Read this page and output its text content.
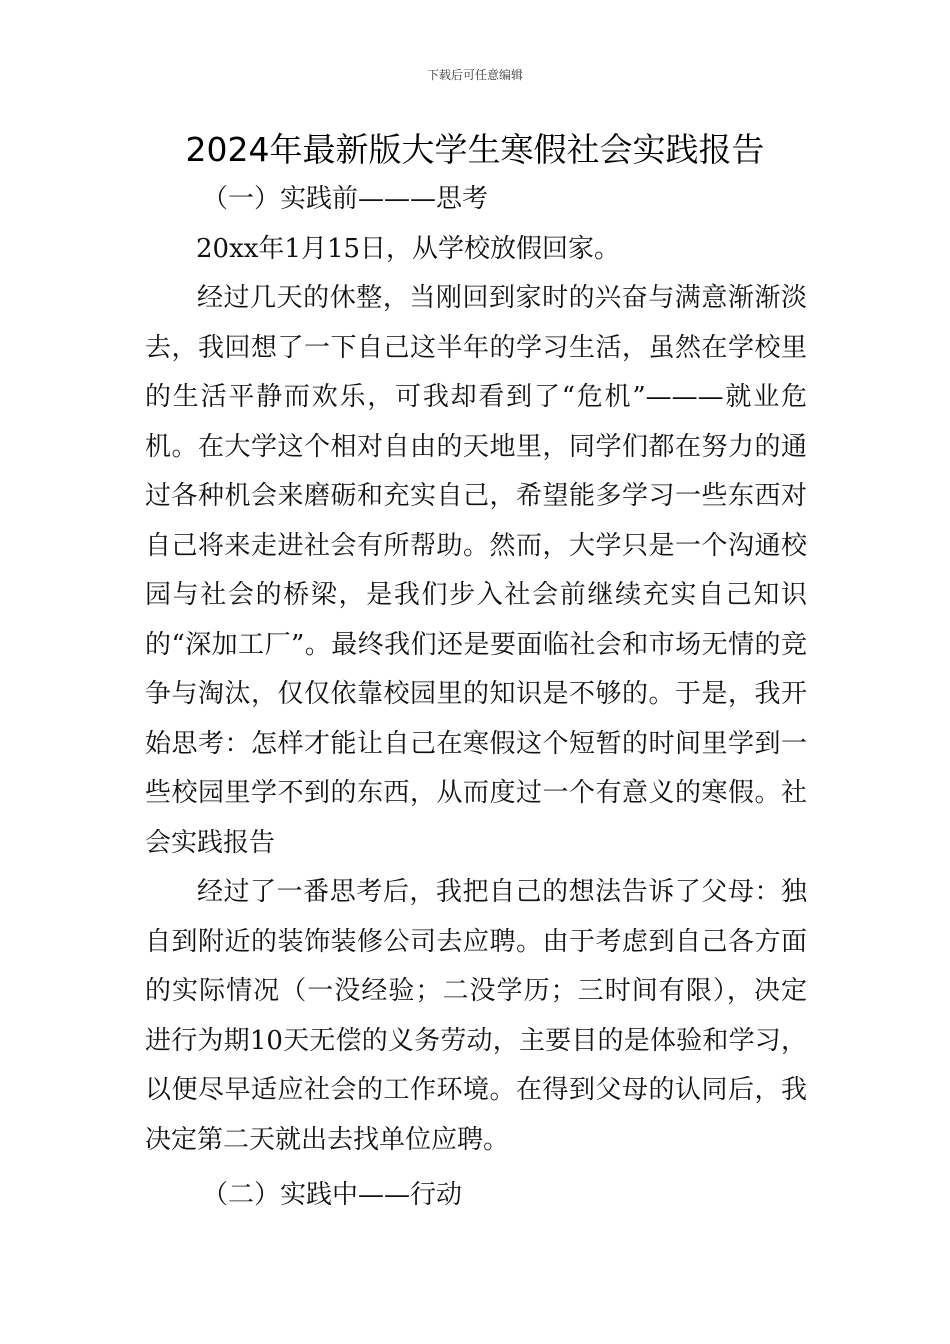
下载后可任意编辑
2024年最新版大学生寒假社会实践报告
（一）实践前———思考
20xx年1月15日，从学校放假回家。

经过几天的休整，当刚回到家时的兴奋与满意渐渐淡去，我回想了一下自己这半年的学习生活，虽然在学校里的生活平静而欢乐，可我却看到了“危机”———就业危机。在大学这个相对自由的天地里，同学们都在努力的通过各种机会来磨砺和充实自己，希望能多学习一些东西对自己将来走进社会有所帮助。然而，大学只是一个沟通校园与社会的桥梁，是我们步入社会前继续充实自己知识的“深加工厂”。最终我们还是要面临社会和市场无情的竞争与淘汰，仅仅依靠校园里的知识是不够的。于是，我开始思考：怎样才能让自己在寒假这个短暂的时间里学到一些校园里学不到的东西，从而度过一个有意义的寒假。社会实践报告

经过了一番思考后，我把自己的想法告诉了父母：独自到附近的装饰装修公司去应聘。由于考虑到自己各方面的实际情况（一没经验；二没学历；三时间有限），决定进行为期10天无偿的义务劳动，主要目的是体验和学习，以便尽早适应社会的工作环境。在得到父母的认同后，我决定第二天就出去找单位应聘。

（二）实践中——行动
